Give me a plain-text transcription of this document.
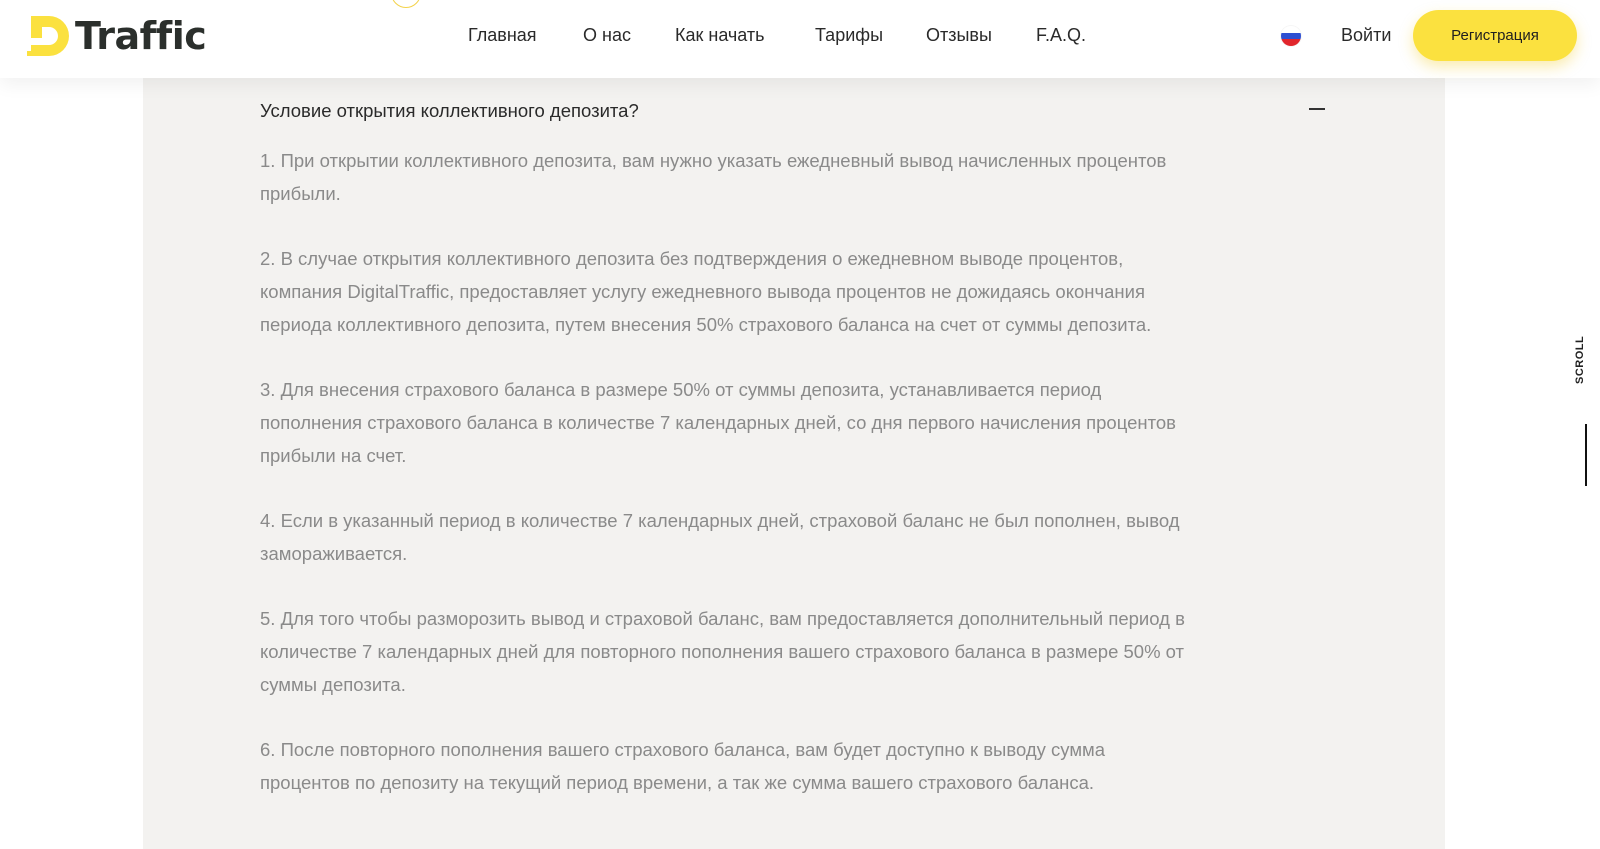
Условие открытия коллективного депозита?

1. При открытии коллективного депозита, вам нужно указать ежедневный вывод начисленных процентов прибыли.

2. В случае открытия коллективного депозита без подтверждения о ежедневном выводе процентов, компания DigitalTraffic, предоставляет услугу ежедневного вывода процентов не дожидаясь окончания периода коллективного депозита, путем внесения 50% страхового баланса на счет от суммы депозита.

3. Для внесения страхового баланса в размере 50% от суммы депозита, устанавливается период пополнения страхового баланса в количестве 7 календарных дней, со дня первого начисления процентов прибыли на счет.

4. Если в указанный период в количестве 7 календарных дней, страховой баланс не был пополнен, вывод замораживается.

5. Для того чтобы разморозить вывод и страховой баланс, вам предоставляется дополнительный период в количестве 7 календарных дней для повторного пополнения вашего страхового баланса в размере 50% от суммы депозита.

6. После повторного пополнения вашего страхового баланса, вам будет доступно к выводу сумма процентов по депозиту на текущий период времени, а так же сумма вашего страхового баланса.

Traffic	Главная	О нас Как начать	Тарифы Отзывы F.A.Q.	Войти	Регистрация
SCROLL
